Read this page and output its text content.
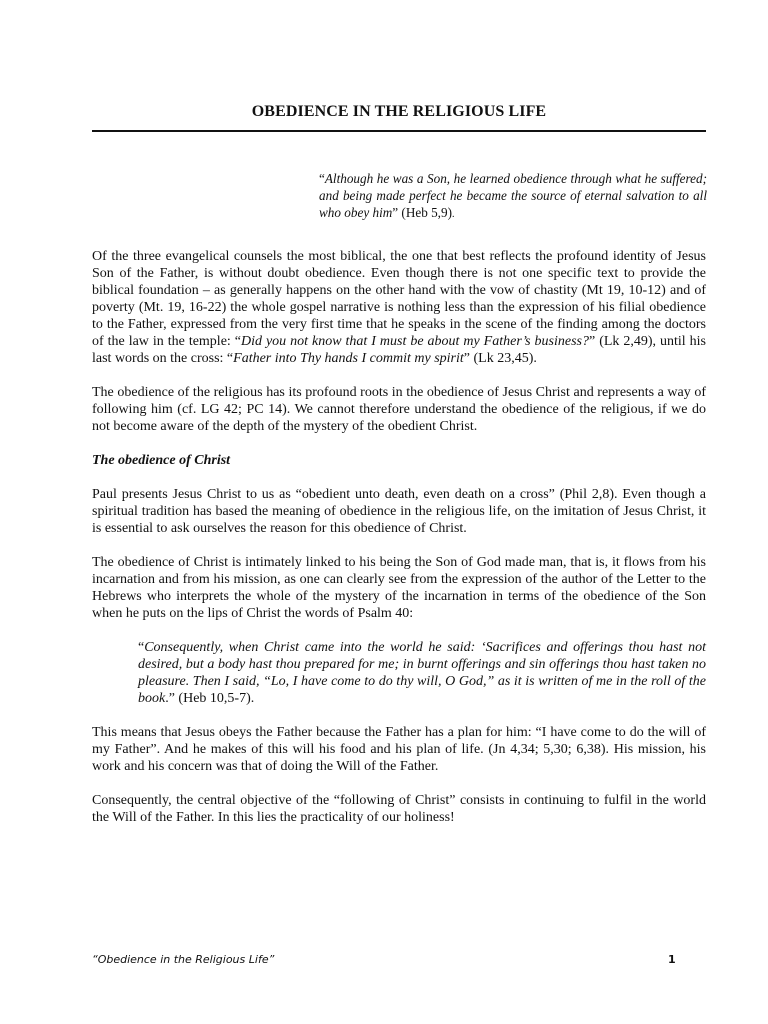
OBEDIENCE IN THE RELIGIOUS LIFE
“Although he was a Son, he learned obedience through what he suffered; and being made perfect he became the source of eternal salvation to all who obey him” (Heb 5,9).

Of the three evangelical counsels the most biblical, the one that best reflects the profound identity of Jesus Son of the Father, is without doubt obedience. Even though there is not one specific text to provide the biblical foundation – as generally happens on the other hand with the vow of chastity (Mt 19, 10-12) and of poverty (Mt. 19, 16-22) the whole gospel narrative is nothing less than the expression of his filial obedience to the Father, expressed from the very first time that he speaks in the scene of the finding among the doctors of the law in the temple: “Did you not know that I must be about my Father’s business?” (Lk 2,49), until his last words on the cross: “Father into Thy hands I commit my spirit” (Lk 23,45).

The obedience of the religious has its profound roots in the obedience of Jesus Christ and represents a way of following him (cf. LG 42; PC 14). We cannot therefore understand the obedience of the religious, if we do not become aware of the depth of the mystery of the obedient Christ.

The obedience of Christ

Paul presents Jesus Christ to us as “obedient unto death, even death on a cross” (Phil 2,8). Even though a spiritual tradition has based the meaning of obedience in the religious life, on the imitation of Jesus Christ, it is essential to ask ourselves the reason for this obedience of Christ.

The obedience of Christ is intimately linked to his being the Son of God made man, that is, it flows from his incarnation and from his mission, as one can clearly see from the expression of the author of the Letter to the Hebrews who interprets the whole of the mystery of the incarnation in terms of the obedience of the Son when he puts on the lips of Christ the words of Psalm 40:

“Consequently, when Christ came into the world he said: ‘Sacrifices and offerings thou hast not desired, but a body hast thou prepared for me; in burnt offerings and sin offerings thou hast taken no pleasure. Then I said, “Lo, I have come to do thy will, O God,” as it is written of me in the roll of the book.” (Heb 10,5-7).

This means that Jesus obeys the Father because the Father has a plan for him: “I have come to do the will of my Father”. And he makes of this will his food and his plan of life. (Jn 4,34; 5,30; 6,38). His mission, his work and his concern was that of doing the Will of the Father.

Consequently, the central objective of the “following of Christ” consists in continuing to fulfil in the world the Will of the Father. In this lies the practicality of our holiness!

“Obedience in the Religious Life”	1
